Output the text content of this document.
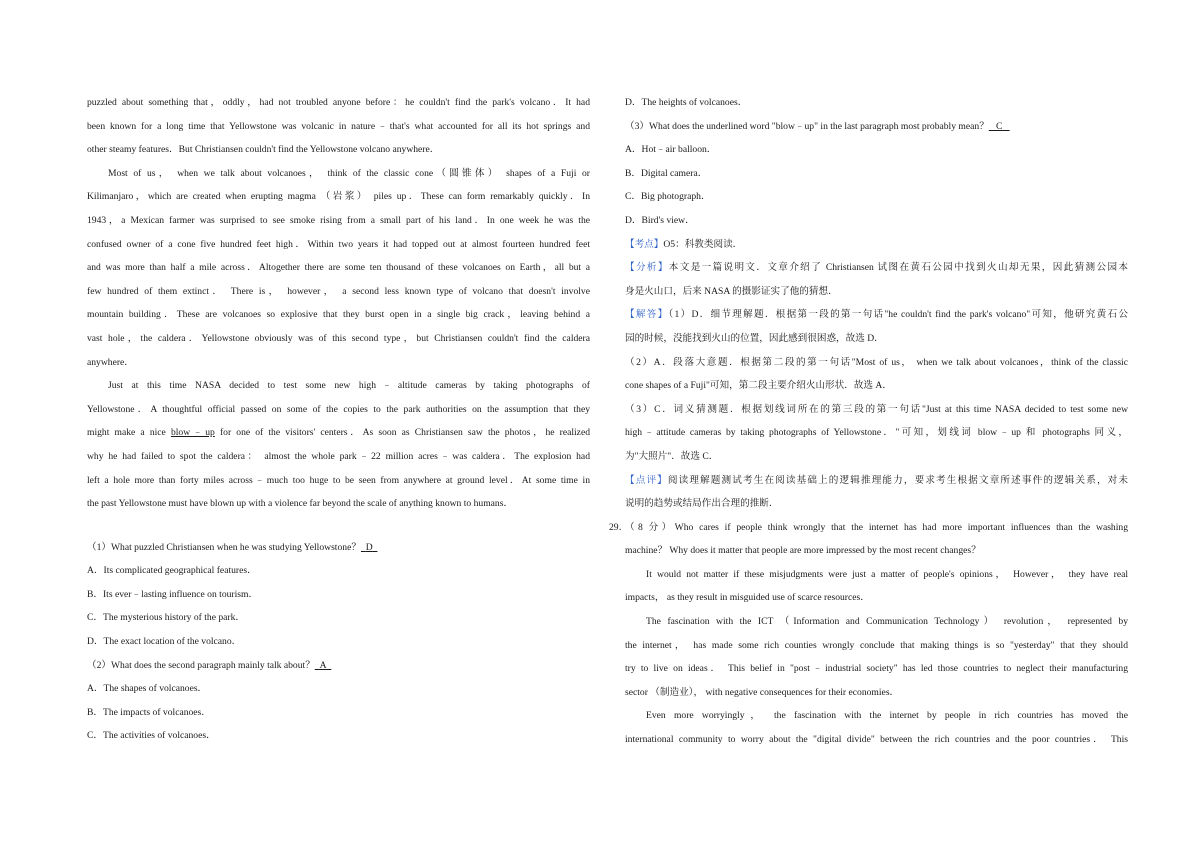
puzzled about something that，oddly，had not troubled anyone before：he couldn't find the park's volcano．It had
been known for a long time that Yellowstone was volcanic in nature﹣that's what accounted for all its hot springs and
other steamy features．But Christiansen couldn't find the Yellowstone volcano anywhere．
Most of us， when we talk about volcanoes， think of the classic cone（圆锥体） shapes of a Fuji or
Kilimanjaro，which are created when erupting magma （岩浆） piles up．These can form remarkably quickly．In
1943，a Mexican farmer was surprised to see smoke rising from a small part of his land．In one week he was the
confused owner of a cone five hundred feet high．Within two years it had topped out at almost fourteen hundred feet
and was more than half a mile across．Altogether there are some ten thousand of these volcanoes on Earth，all but a
few hundred of them extinct． There is， however， a second less known type of volcano that doesn't involve
mountain building．These are volcanoes so explosive that they burst open in a single big crack，leaving behind a
vast hole，the caldera．Yellowstone obviously was of this second type，but Christiansen couldn't find the caldera
anywhere．
Just at this time NASA decided to test some new high﹣altitude cameras by taking photographs of
Yellowstone．A thoughtful official passed on some of the copies to the park authorities on the assumption that they
might make a nice blow﹣up for one of the visitors' centers．As soon as Christiansen saw the photos，he realized
why he had failed to spot the caldera： almost the whole park﹣22 million acres﹣was caldera．The explosion had
left a hole more than forty miles across﹣much too huge to be seen from anywhere at ground level．At some time in
the past Yellowstone must have blown up with a violence far beyond the scale of anything known to humans．
（1）What puzzled Christiansen when he was studying Yellowstone？ D
A．Its complicated geographical features．
B．Its ever﹣lasting influence on tourism．
C．The mysterious history of the park．
D．The exact location of the volcano．
（2）What does the second paragraph mainly talk about？ A
A．The shapes of volcanoes．
B．The impacts of volcanoes．
C．The activities of volcanoes．
D．The heights of volcanoes．
（3）What does the underlined word "blow﹣up" in the last paragraph most probably mean？ C
A．Hot﹣air balloon．
B．Digital camera．
C．Big photograph．
D．Bird's view．
【考点】O5：科教类阅读．
【分析】本文是一篇说明文．文章介绍了 Christiansen 试图在黄石公园中找到火山却无果，因此猜测公园本
身是火山口，后来 NASA 的摄影证实了他的猜想．
【解答】（1）D．细节理解题．根据第一段的第一句话"he couldn't find the park's volcano"可知，他研究黄石公
园的时候，没能找到火山的位置，因此感到很困惑，故选 D．
（2）A．段落大意题．根据第二段的第一句话"Most of us， when we talk about volcanoes，think of the classic
cone shapes of a Fuji"可知，第二段主要介绍火山形状．故选 A．
（3）C．词义猜测题．根据划线词所在的第三段的第一句话"Just at this time NASA decided to test some new
high﹣attitude cameras by taking photographs of Yellowstone．"可知，划线词 blow﹣up 和 photographs 同义，
为"大照片"．故选 C．
【点评】阅读理解题测试考生在阅读基础上的逻辑推理能力，要求考生根据文章所述事件的逻辑关系，对未
说明的趋势或结局作出合理的推断．
29．
（8 分）Who cares if people think wrongly that the internet has had more important influences than the washing
machine？ Why does it matter that people are more impressed by the most recent changes？
It would not matter if these misjudgments were just a matter of people's opinions， However， they have real
impacts， as they result in misguided use of scarce resources．
The fascination with the ICT （Information and Communication Technology） revolution， represented by
the internet， has made some rich counties wrongly conclude that making things is so "yesterday" that they should
try to live on ideas． This belief in "post﹣industrial society" has led those countries to neglect their manufacturing
sector （制造业）， with negative consequences for their economies．
Even more worryingly， the fascination with the internet by people in rich countries has moved the
international community to worry about the "digital divide" between the rich countries and the poor countries． This
